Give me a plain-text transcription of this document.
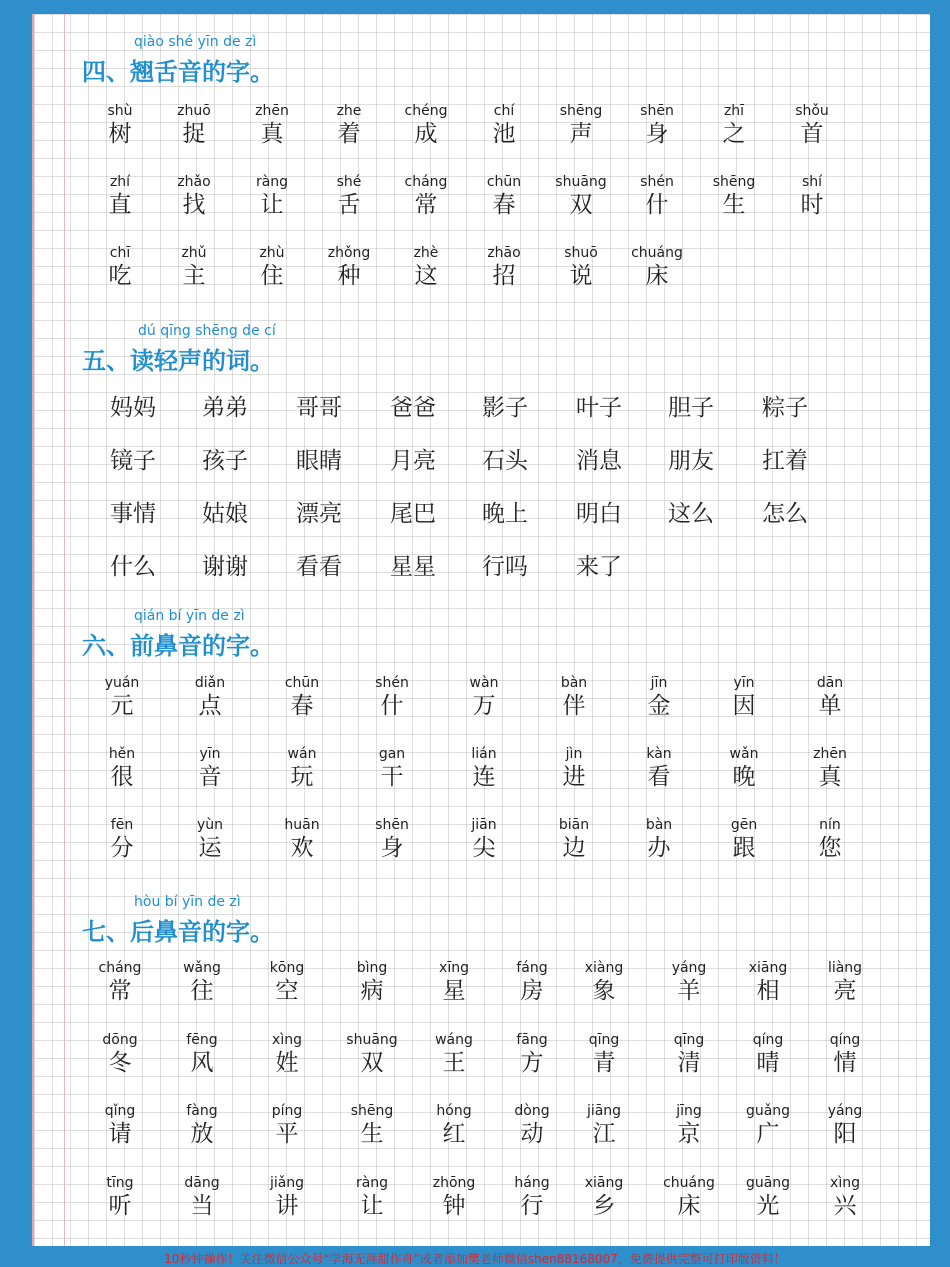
qiào shé yīn de zì
四、翘舌音的字。
shù
树
zhuō
捉
zhēn
真
zhe
着
chéng
成
chí
池
shēng
声
shēn
身
zhī
之
shǒu
首
zhí
直
zhǎo
找
ràng
让
shé
舌
cháng
常
chūn
春
shuāng
双
shén
什
shēng
生
shí
时
chī
吃
zhǔ
主
zhù
住
zhǒng
种
zhè
这
zhāo
招
shuō
说
chuáng
床
dú qīng shēng de cí
五、读轻声的词。
妈妈 弟弟 哥哥 爸爸 影子 叶子 胆子 粽子
镜子 孩子 眼睛 月亮 石头 消息 朋友 扛着
事情 姑娘 漂亮 尾巴 晚上 明白 这么 怎么
什么 谢谢 看看 星星 行吗 来了
qián bí yīn de zì
六、前鼻音的字。
yuán
元
diǎn
点
chūn
春
shén
什
wàn
万
bàn
伴
jīn
金
yīn
因
dān
单
hěn
很
yīn
音
wán
玩
gan
干
lián
连
jìn
进
kàn
看
wǎn
晚
zhēn
真
fēn
分
yùn
运
huān
欢
shēn
身
jiān
尖
biān
边
bàn
办
gēn
跟
nín
您
hòu bí yīn de zì
七、后鼻音的字。
cháng
常
wǎng
往
kōng
空
bìng
病
xīng
星
fáng
房
xiàng
象
yáng
羊
xiāng
相
liàng
亮
dōng
冬
fēng
风
xìng
姓
shuāng
双
wáng
王
fāng
方
qīng
青
qīng
清
qíng
晴
qíng
情
qǐng
请
fàng
放
píng
平
shēng
生
hóng
红
dòng
动
jiāng
江
jīng
京
guǎng
广
yáng
阳
tīng
听
dāng
当
jiǎng
讲
ràng
让
zhōng
钟
háng
行
xiāng
乡
chuáng
床
guāng
光
xìng
兴
10秒钟操作！关注微信公众号“学海无涯甜作舟”或者添加樊老师微信shen88168007，免费提供完整可打印版资料！
